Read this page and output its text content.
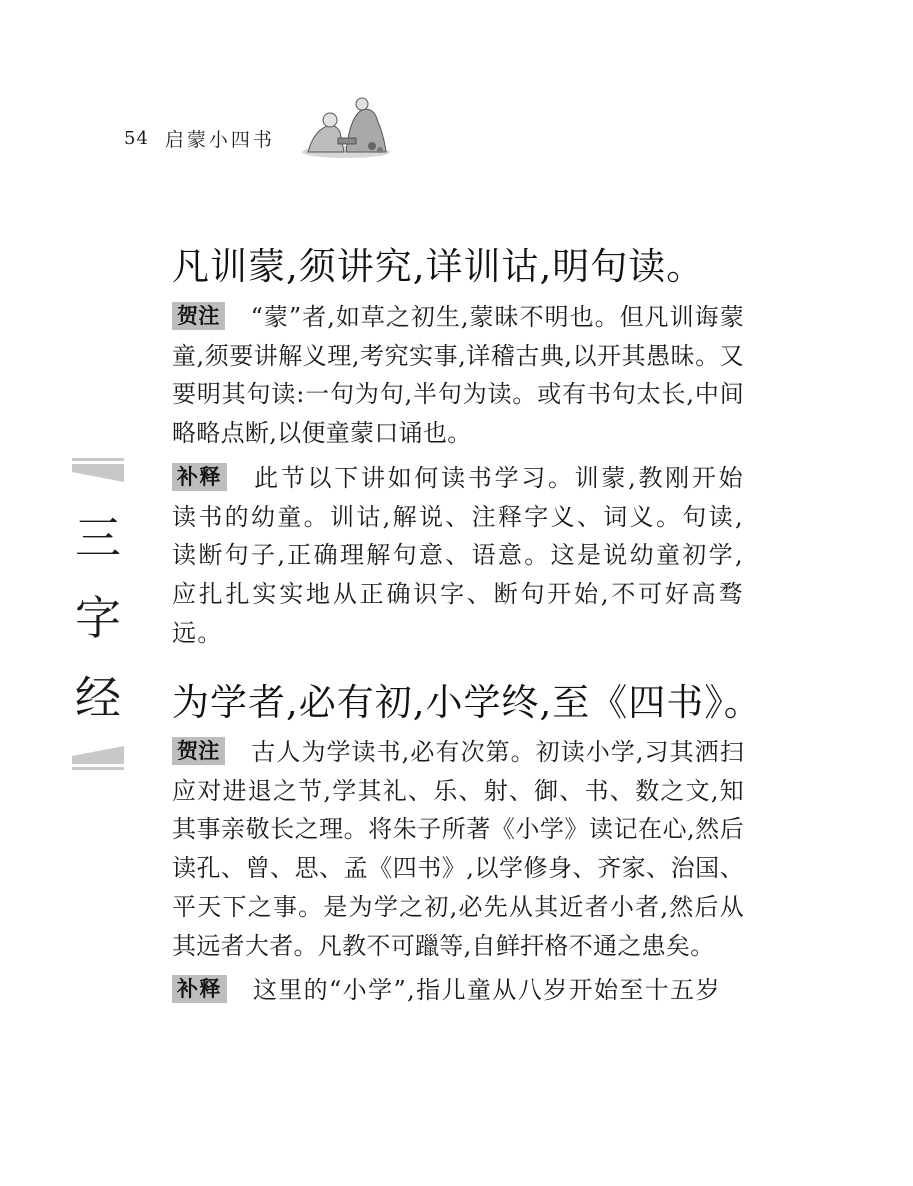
54 启蒙小四书
三
字
经
凡训蒙,须讲究,详训诂,明句读。
贺注 “蒙”者,如草之初生,蒙昧不明也。但凡训诲蒙童,须要讲解义理,考究实事,详稽古典,以开其愚昧。又要明其句读:一句为句,半句为读。或有书句太长,中间略略点断,以便童蒙口诵也。
补释 此节以下讲如何读书学习。训蒙,教刚开始读书的幼童。训诂,解说、注释字义、词义。句读,读断句子,正确理解句意、语意。这是说幼童初学,应扎扎实实地从正确识字、断句开始,不可好高骛远。
为学者,必有初,小学终,至《四书》。
贺注 古人为学读书,必有次第。初读小学,习其洒扫应对进退之节,学其礼、乐、射、御、书、数之文,知其事亲敬长之理。将朱子所著《小学》读记在心,然后读孔、曾、思、孟《四书》,以学修身、齐家、治国、平天下之事。是为学之初,必先从其近者小者,然后从其远者大者。凡教不可躐等,自鲜扞格不通之患矣。
补释 这里的“小学”,指儿童从八岁开始至十五岁
